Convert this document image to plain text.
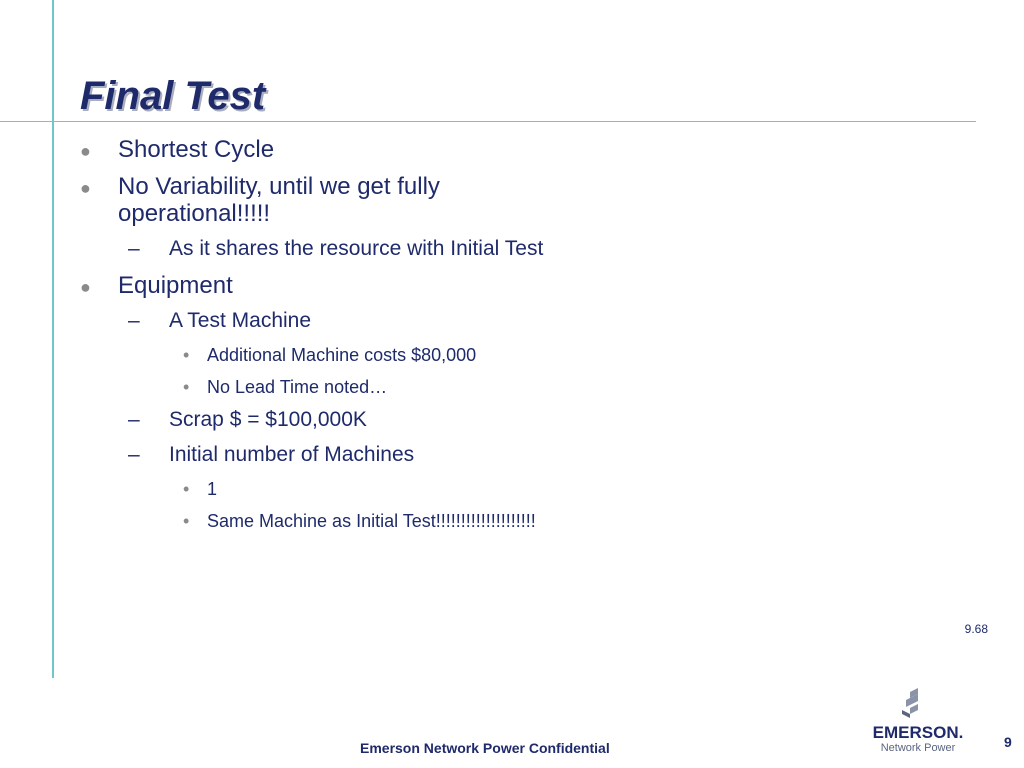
Final Test
● Shortest Cycle
● No Variability, until we get fully operational!!!!!
– As it shares the resource with Initial Test
● Equipment
– A Test Machine
• Additional Machine costs $80,000
• No Lead Time noted…
– Scrap $ = $100,000K
– Initial number of Machines
• 1
• Same Machine as Initial Test!!!!!!!!!!!!!!!!!!!!
9.68
Emerson Network Power Confidential
EMERSON.
Network Power	9
